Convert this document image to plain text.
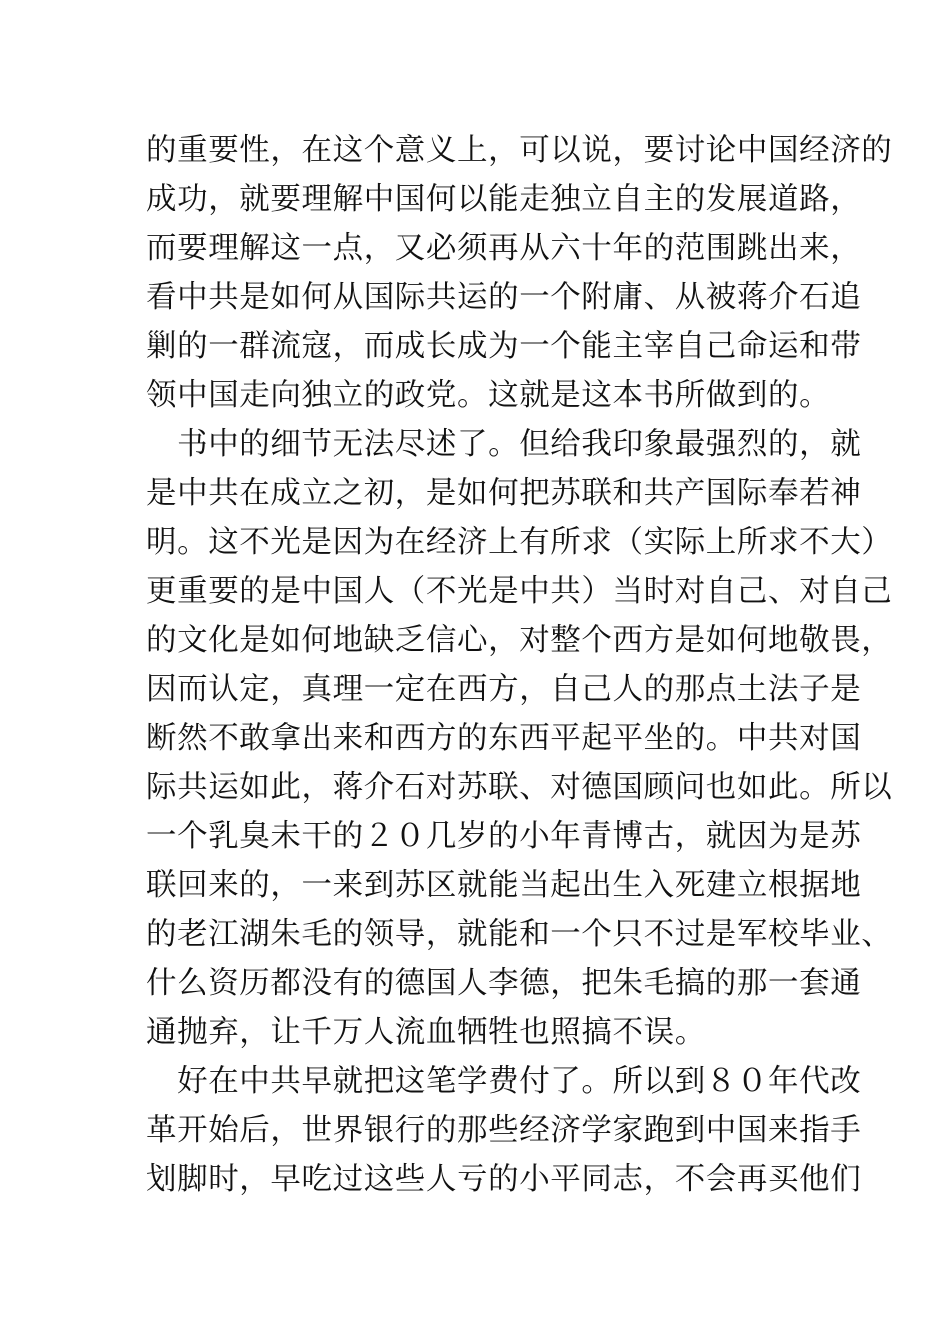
的重要性，在这个意义上，可以说，要讨论中国经济的
成功，就要理解中国何以能走独立自主的发展道路，
而要理解这一点，又必须再从六十年的范围跳出来，
看中共是如何从国际共运的一个附庸、从被蒋介石追
剿的一群流寇，而成长成为一个能主宰自己命运和带
领中国走向独立的政党。这就是这本书所做到的。
　书中的细节无法尽述了。但给我印象最强烈的，就
是中共在成立之初，是如何把苏联和共产国际奉若神
明。这不光是因为在经济上有所求（实际上所求不大）
更重要的是中国人（不光是中共）当时对自己、对自己
的文化是如何地缺乏信心，对整个西方是如何地敬畏，
因而认定，真理一定在西方，自己人的那点土法子是
断然不敢拿出来和西方的东西平起平坐的。中共对国
际共运如此，蒋介石对苏联、对德国顾问也如此。所以
一个乳臭未干的２０几岁的小年青博古，就因为是苏
联回来的，一来到苏区就能当起出生入死建立根据地
的老江湖朱毛的领导，就能和一个只不过是军校毕业、
什么资历都没有的德国人李德，把朱毛搞的那一套通
通抛弃，让千万人流血牺牲也照搞不误。
　好在中共早就把这笔学费付了。所以到８０年代改
革开始后，世界银行的那些经济学家跑到中国来指手
划脚时，早吃过这些人亏的小平同志，不会再买他们
